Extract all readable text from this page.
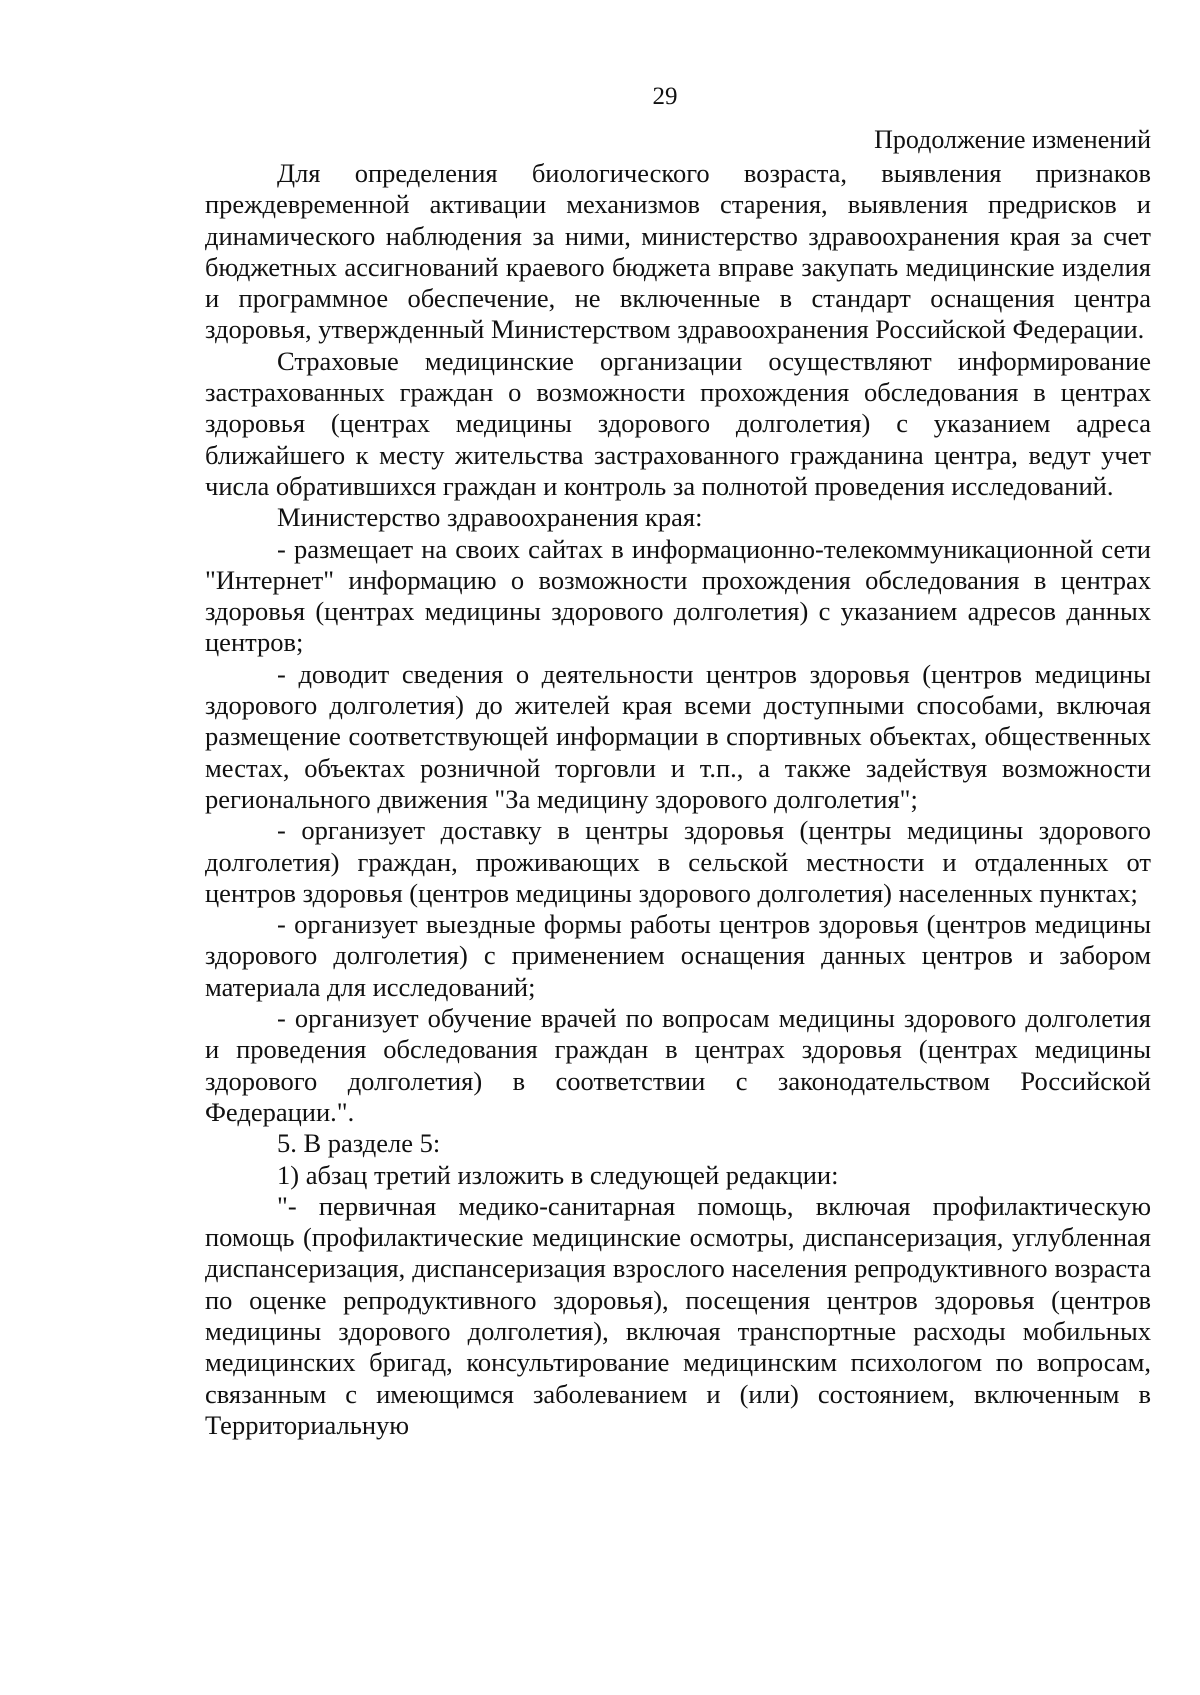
29
Продолжение изменений

Для определения биологического возраста, выявления признаков преждевременной активации механизмов старения, выявления предрисков и динамического наблюдения за ними, министерство здравоохранения края за счет бюджетных ассигнований краевого бюджета вправе закупать медицинские изделия и программное обеспечение, не включенные в стандарт оснащения центра здоровья, утвержденный Министерством здравоохранения Российской Федерации.

Страховые медицинские организации осуществляют информирование застрахованных граждан о возможности прохождения обследования в центрах здоровья (центрах медицины здорового долголетия) с указанием адреса ближайшего к месту жительства застрахованного гражданина центра, ведут учет числа обратившихся граждан и контроль за полнотой проведения исследований.

Министерство здравоохранения края:

- размещает на своих сайтах в информационно-телекоммуникационной сети "Интернет" информацию о возможности прохождения обследования в центрах здоровья (центрах медицины здорового долголетия) с указанием адресов данных центров;

- доводит сведения о деятельности центров здоровья (центров медицины здорового долголетия) до жителей края всеми доступными способами, включая размещение соответствующей информации в спортивных объектах, общественных местах, объектах розничной торговли и т.п., а также задействуя возможности регионального движения "За медицину здорового долголетия";

- организует доставку в центры здоровья (центры медицины здорового долголетия) граждан, проживающих в сельской местности и отдаленных от центров здоровья (центров медицины здорового долголетия) населенных пунктах;

- организует выездные формы работы центров здоровья (центров медицины здорового долголетия) с применением оснащения данных центров и забором материала для исследований;

- организует обучение врачей по вопросам медицины здорового долголетия и проведения обследования граждан в центрах здоровья (центрах медицины здорового долголетия) в соответствии с законодательством Российской Федерации.".

5. В разделе 5:

1) абзац третий изложить в следующей редакции:

"- первичная медико-санитарная помощь, включая профилактическую помощь (профилактические медицинские осмотры, диспансеризация, углубленная диспансеризация, диспансеризация взрослого населения репродуктивного возраста по оценке репродуктивного здоровья), посещения центров здоровья (центров медицины здорового долголетия), включая транспортные расходы мобильных медицинских бригад, консультирование медицинским психологом по вопросам, связанным с имеющимся заболеванием и (или) состоянием, включенным в Территориальную
